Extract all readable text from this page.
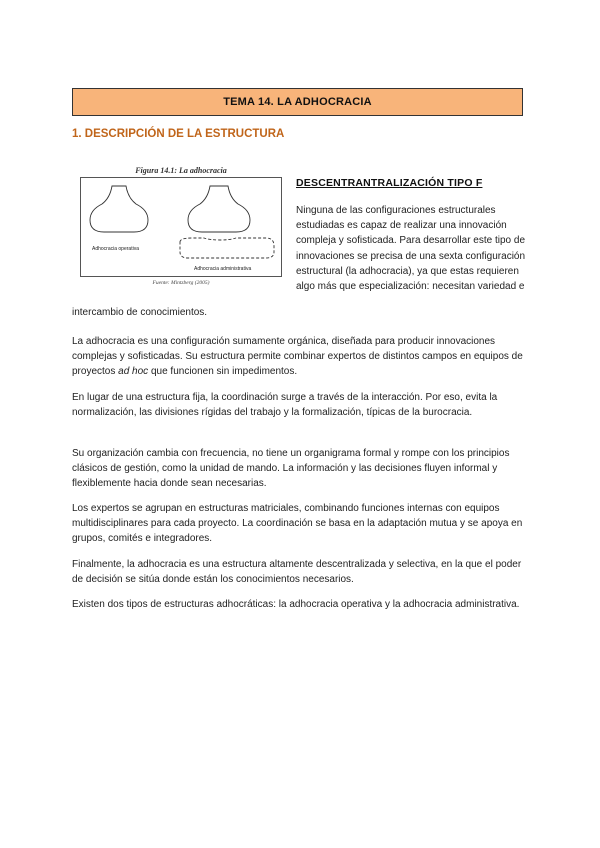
TEMA 14. LA ADHOCRACIA
1. DESCRIPCIÓN DE LA ESTRUCTURA
Figura 14.1: La adhocracia
Adhocracia operativa
Adhocracia administrativa
Fuente: Mintzberg (2005)
DESCENTRANTRALIZACIÓN TIPO F
Ninguna de las configuraciones estructurales estudiadas es capaz de realizar una innovación compleja y sofisticada. Para desarrollar este tipo de innovaciones se precisa de una sexta configuración estructural (la adhocracia), ya que estas requieren algo más que especialización: necesitan variedad e

intercambio de conocimientos.

La adhocracia es una configuración sumamente orgánica, diseñada para producir innovaciones complejas y sofisticadas. Su estructura permite combinar expertos de distintos campos en equipos de proyectos ad hoc que funcionen sin impedimentos.

En lugar de una estructura fija, la coordinación surge a través de la interacción. Por eso, evita la normalización, las divisiones rígidas del trabajo y la formalización, típicas de la burocracia.

Su organización cambia con frecuencia, no tiene un organigrama formal y rompe con los principios clásicos de gestión, como la unidad de mando. La información y las decisiones fluyen informal y flexiblemente hacia donde sean necesarias.

Los expertos se agrupan en estructuras matriciales, combinando funciones internas con equipos multidisciplinares para cada proyecto. La coordinación se basa en la adaptación mutua y se apoya en grupos, comités e integradores.

Finalmente, la adhocracia es una estructura altamente descentralizada y selectiva, en la que el poder de decisión se sitúa donde están los conocimientos necesarios.

Existen dos tipos de estructuras adhocráticas: la adhocracia operativa y la adhocracia administrativa.
